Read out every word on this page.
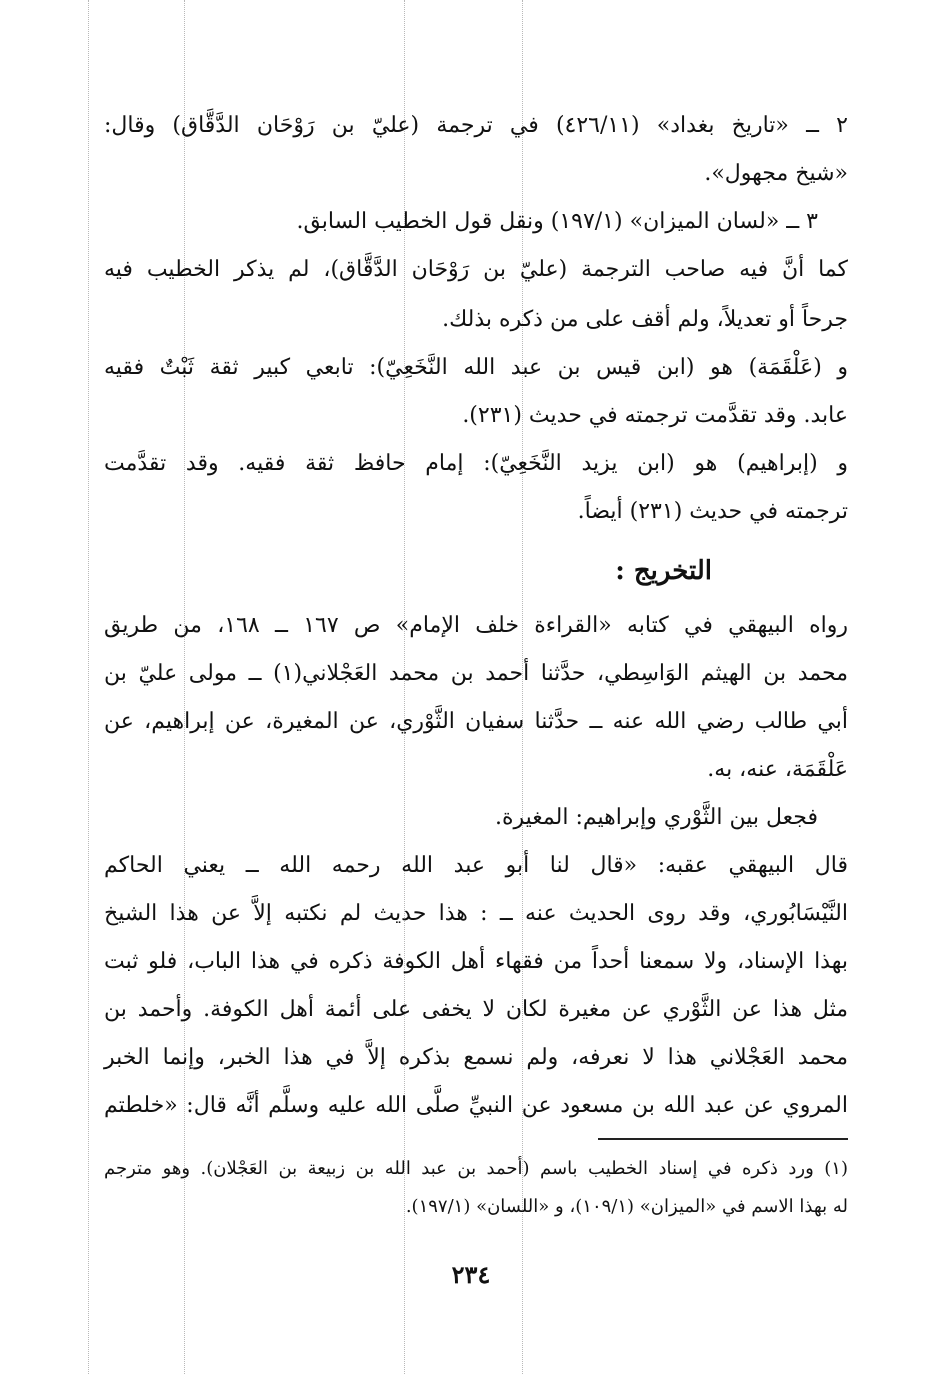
٢ ــ «تاريخ بغداد» (٤٢٦/١١) في ترجمة (عليّ بن رَوْحَان الدَّقَّاق) وقال:
«شيخ مجهول».
٣ ــ «لسان الميزان» (١٩٧/١) ونقل قول الخطيب السابق.
كما أنَّ فيه صاحب الترجمة (عليّ بن رَوْحَان الدَّقَّاق)، لم يذكر الخطيب فيه
جرحاً أو تعديلاً، ولم أقف على من ذكره بذلك.
و (عَلْقَمَة) هو (ابن قيس بن عبد الله النَّخَعِيّ): تابعي كبير ثقة ثَبْتٌ فقيه
عابد. وقد تقدَّمت ترجمته في حديث (٢٣١).
و (إبراهيم) هو (ابن يزيد النَّخَعِيّ): إمام حافظ ثقة فقيه. وقد تقدَّمت
ترجمته في حديث (٢٣١) أيضاً.
التخريج :
رواه البيهقي في كتابه «القراءة خلف الإمام» ص ١٦٧ ــ ١٦٨، من طريق
محمد بن الهيثم الوَاسِطي، حدَّثنا أحمد بن محمد العَجْلاني(١) ــ مولى عليّ بن
أبي طالب رضي الله عنه ــ حدَّثنا سفيان الثَّوْري، عن المغيرة، عن إبراهيم، عن
عَلْقَمَة، عنه، به.
فجعل بين الثَّوْري وإبراهيم: المغيرة.
قال البيهقي عقبه: «قال لنا أبو عبد الله رحمه الله ــ يعني الحاكم
النَّيْسَابُوري، وقد روى الحديث عنه ــ : هذا حديث لم نكتبه إلاَّ عن هذا الشيخ
بهذا الإسناد، ولا سمعنا أحداً من فقهاء أهل الكوفة ذكره في هذا الباب، فلو ثبت
مثل هذا عن الثَّوْري عن مغيرة لكان لا يخفى على أئمة أهل الكوفة. وأحمد بن
محمد العَجْلاني هذا لا نعرفه، ولم نسمع بذكره إلاَّ في هذا الخبر، وإنما الخبر
المروي عن عبد الله بن مسعود عن النبيِّ صلَّى الله عليه وسلَّم أنَّه قال: «خلطتم
(١) ورد ذكره في إسناد الخطيب باسم (أحمد بن عبد الله بن زبيعة بن العَجْلان). وهو مترجم
له بهذا الاسم في «الميزان» (١٠٩/١)، و «اللسان» (١٩٧/١).
٢٣٤
